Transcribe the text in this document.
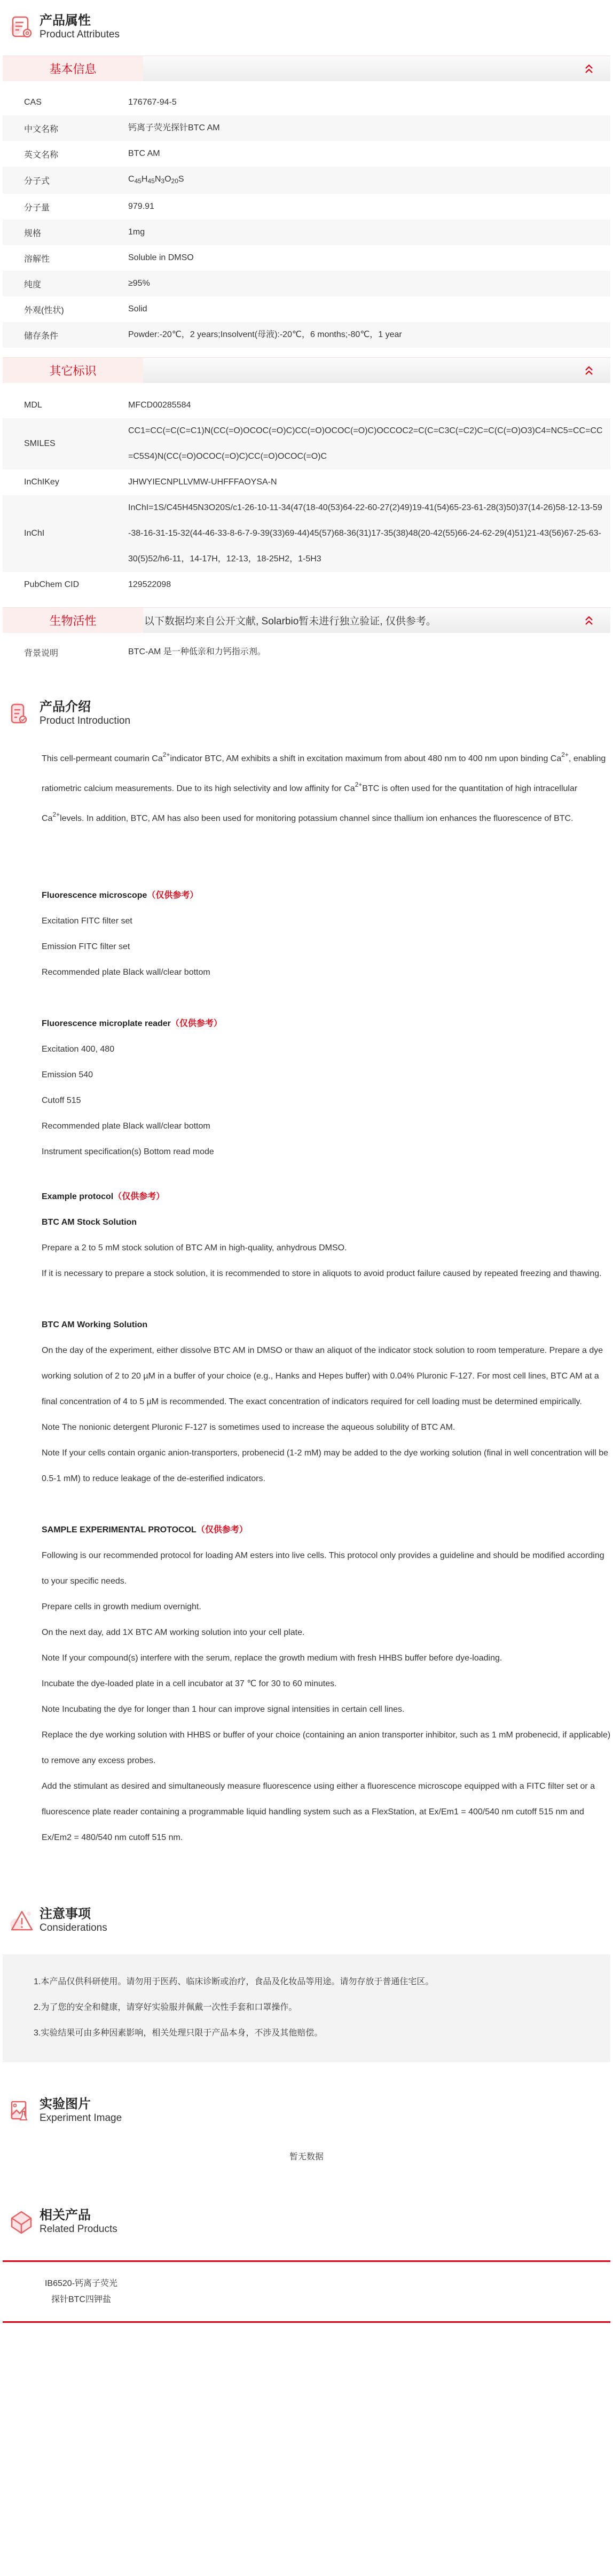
产品属性
Product Attributes
基本信息
CAS	176767-94-5
中文名称	钙离子荧光探针BTC AM
英文名称	BTC AM
分子式	$C_{45}H_{45}N_3O_{20}S$
分子量	979.91
规格	1mg
溶解性	Soluble in DMSO
纯度	≥95%
外观(性状)	Solid
储存条件	Powder:-20℃，2 years;Insolvent(母液):-20℃，6 months;-80℃，1 year
其它标识
MDL	MFCD00285584
SMILES	CC1=CC(=C(C=C1)N(CC(=O)OCOC(=O)C)CC(=O)OCOC(=O)C)OCCOC2=C(C=C3C(=C2)C=C(C(=O)O3)C4=NC5=CC=CC=C5S4)N(CC(=O)OCOC(=O)C)CC(=O)OCOC(=O)C
InChIKey	JHWYIECNPLLVMW-UHFFFAOYSA-N
InChI	InChI=1S/C45H45N3O20S/c1-26-10-11-34(47(18-40(53)64-22-60-27(2)49)19-41(54)65-23-61-28(3)50)37(14-26)58-12-13-59-38-16-31-15-32(44-46-33-8-6-7-9-39(33)69-44)45(57)68-36(31)17-35(38)48(20-42(55)66-24-62-29(4)51)21-43(56)67-25-63-30(5)52/h6-11，14-17H，12-13，18-25H2，1-5H3
PubChem CID	129522098
生物活性	以下数据均来自公开文献, Solarbio暂未进行独立验证, 仅供参考。
背景说明	BTC-AM 是一种低亲和力钙指示剂。
产品介绍
Product Introduction

This cell-permeant coumarin $Ca^{2+}indicator$ BTC, AM exhibits a shift in excitation maximum from about 480 nm to 400 nm upon binding $Ca^{2+}$, enabling ratiometric calcium measurements. Due to its high selectivity and low affinity for $Ca^{2+}BTC$ is often used for the quantitation of high intracellular $Ca^{2+}levels$. In addition, BTC, AM has also been used for monitoring potassium channel since thallium ion enhances the fluorescence of BTC.

Fluorescence microscope（仅供参考）

Excitation FITC filter set

Emission FITC filter set

Recommended plate Black wall/clear bottom

Fluorescence microplate reader（仅供参考）

Excitation 400, 480

Emission 540

Cutoff 515

Recommended plate Black wall/clear bottom

Instrument specification(s) Bottom read mode

Example protocol（仅供参考）

BTC AM Stock Solution

Prepare a 2 to 5 mM stock solution of BTC AM in high-quality, anhydrous DMSO.

If it is necessary to prepare a stock solution, it is recommended to store in aliquots to avoid product failure caused by repeated freezing and thawing.

BTC AM Working Solution

On the day of the experiment, either dissolve BTC AM in DMSO or thaw an aliquot of the indicator stock solution to room temperature. Prepare a dye working solution of 2 to 20 µM in a buffer of your choice (e.g., Hanks and Hepes buffer) with 0.04% Pluronic F-127. For most cell lines, BTC AM at a final concentration of 4 to 5 µM is recommended. The exact concentration of indicators required for cell loading must be determined empirically.

Note The nonionic detergent Pluronic F-127 is sometimes used to increase the aqueous solubility of BTC AM.

Note If your cells contain organic anion-transporters, probenecid (1-2 mM) may be added to the dye working solution (final in well concentration will be 0.5-1 mM) to reduce leakage of the de-esterified indicators.

SAMPLE EXPERIMENTAL PROTOCOL（仅供参考）

Following is our recommended protocol for loading AM esters into live cells. This protocol only provides a guideline and should be modified according to your specific needs.

Prepare cells in growth medium overnight.

On the next day, add 1X BTC AM working solution into your cell plate.

Note If your compound(s) interfere with the serum, replace the growth medium with fresh HHBS buffer before dye-loading.

Incubate the dye-loaded plate in a cell incubator at 37 ℃ for 30 to 60 minutes.

Note Incubating the dye for longer than 1 hour can improve signal intensities in certain cell lines.

Replace the dye working solution with HHBS or buffer of your choice (containing an anion transporter inhibitor, such as 1 mM probenecid, if applicable) to remove any excess probes.

Add the stimulant as desired and simultaneously measure fluorescence using either a fluorescence microscope equipped with a FITC filter set or a fluorescence plate reader containing a programmable liquid handling system such as a FlexStation, at Ex/Em1 = 400/540 nm cutoff 515 nm and Ex/Em2 = 480/540 nm cutoff 515 nm.

注意事项
Considerations

1.本产品仅供科研使用。请勿用于医药、临床诊断或治疗，食品及化妆品等用途。请勿存放于普通住宅区。

2.为了您的安全和健康，请穿好实验服并佩戴一次性手套和口罩操作。

3.实验结果可由多种因素影响，相关处理只限于产品本身，不涉及其他赔偿。

实验图片
Experiment Image
暂无数据
相关产品
Related Products
IB6520-钙离子荧光探针BTC四钾盐
